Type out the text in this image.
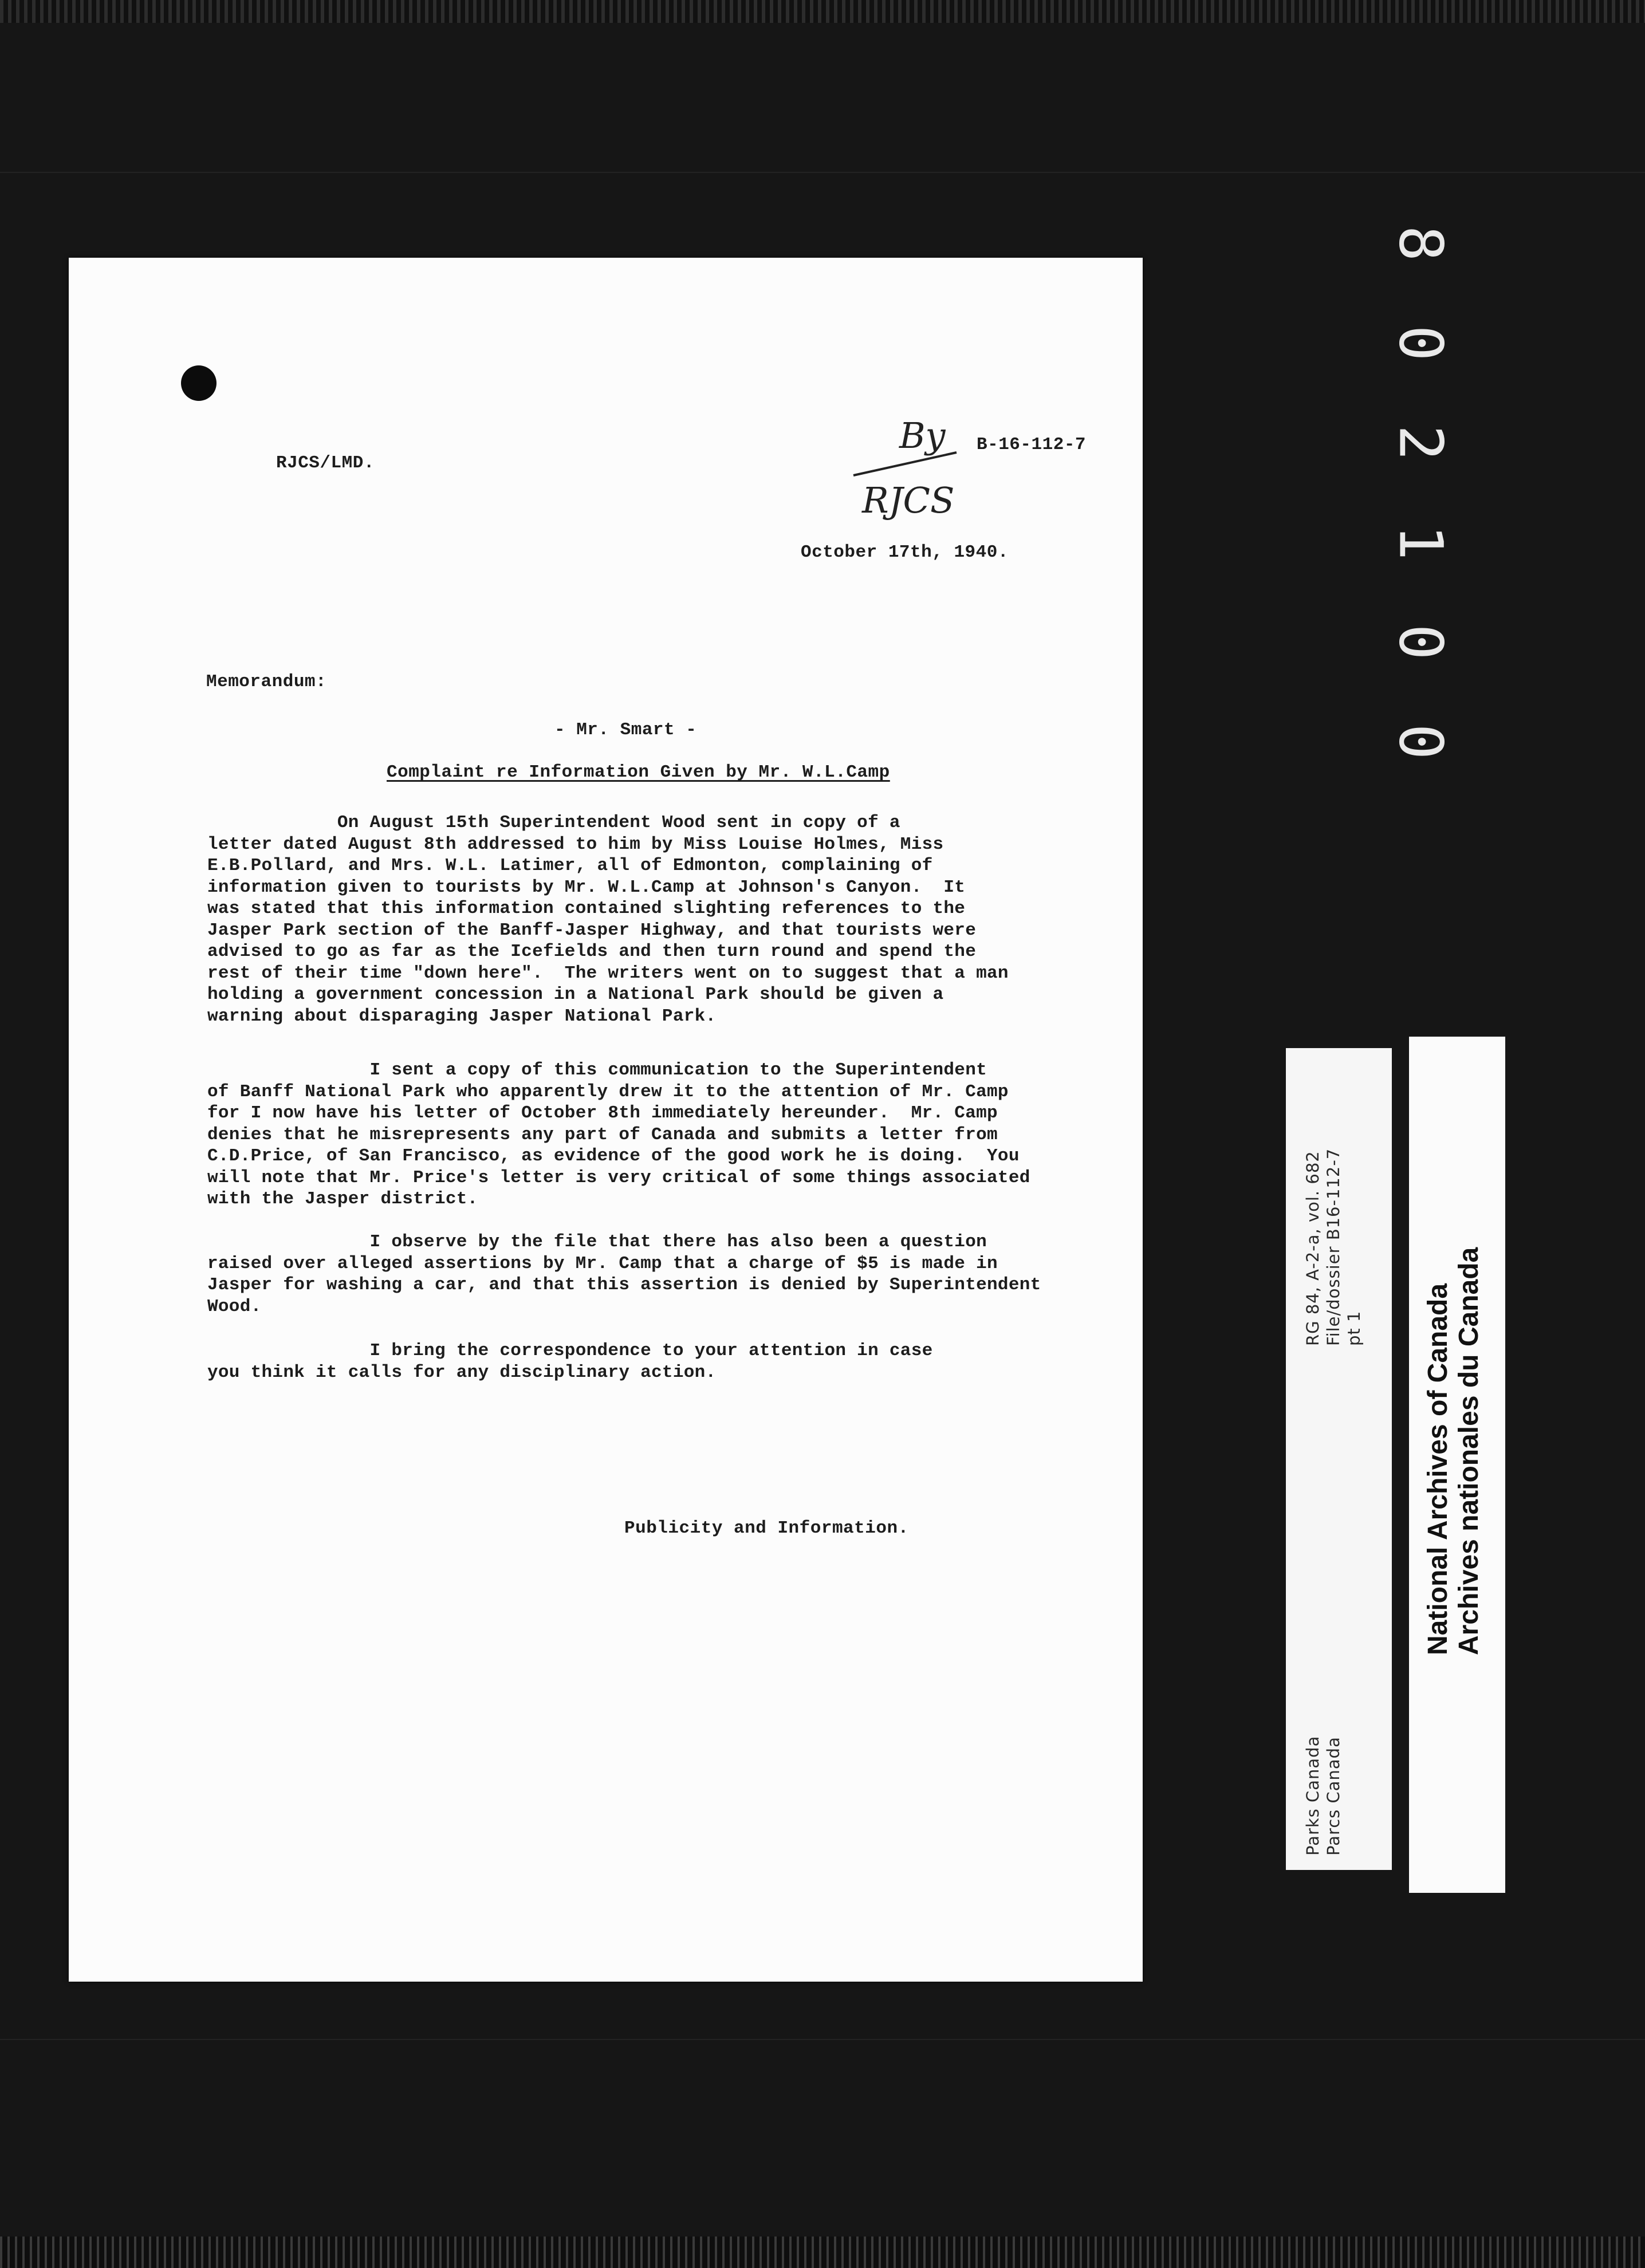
8
0
2
1
0
0
RJCS/LMD.
B-16-112-7
By
RJCS
October 17th, 1940.
Memorandum:
- Mr. Smart -
Complaint re Information Given by Mr. W.L.Camp
On August 15th Superintendent Wood sent in copy of a
letter dated August 8th addressed to him by Miss Louise Holmes, Miss
E.B.Pollard, and Mrs. W.L. Latimer, all of Edmonton, complaining of
information given to tourists by Mr. W.L.Camp at Johnson's Canyon.  It
was stated that this information contained slighting references to the
Jasper Park section of the Banff-Jasper Highway, and that tourists were
advised to go as far as the Icefields and then turn round and spend the
rest of their time "down here".  The writers went on to suggest that a man
holding a government concession in a National Park should be given a
warning about disparaging Jasper National Park.
I sent a copy of this communication to the Superintendent
of Banff National Park who apparently drew it to the attention of Mr. Camp
for I now have his letter of October 8th immediately hereunder.  Mr. Camp
denies that he misrepresents any part of Canada and submits a letter from
C.D.Price, of San Francisco, as evidence of the good work he is doing.  You
will note that Mr. Price's letter is very critical of some things associated
with the Jasper district.
I observe by the file that there has also been a question
raised over alleged assertions by Mr. Camp that a charge of $5 is made in
Jasper for washing a car, and that this assertion is denied by Superintendent
Wood.
I bring the correspondence to your attention in case
you think it calls for any disciplinary action.
Publicity and Information.
RG 84, A-2-a, vol. 682 File/dossier B16-112-7 pt 1
Parks Canada Parcs Canada
National Archives of Canada Archives nationales du Canada
